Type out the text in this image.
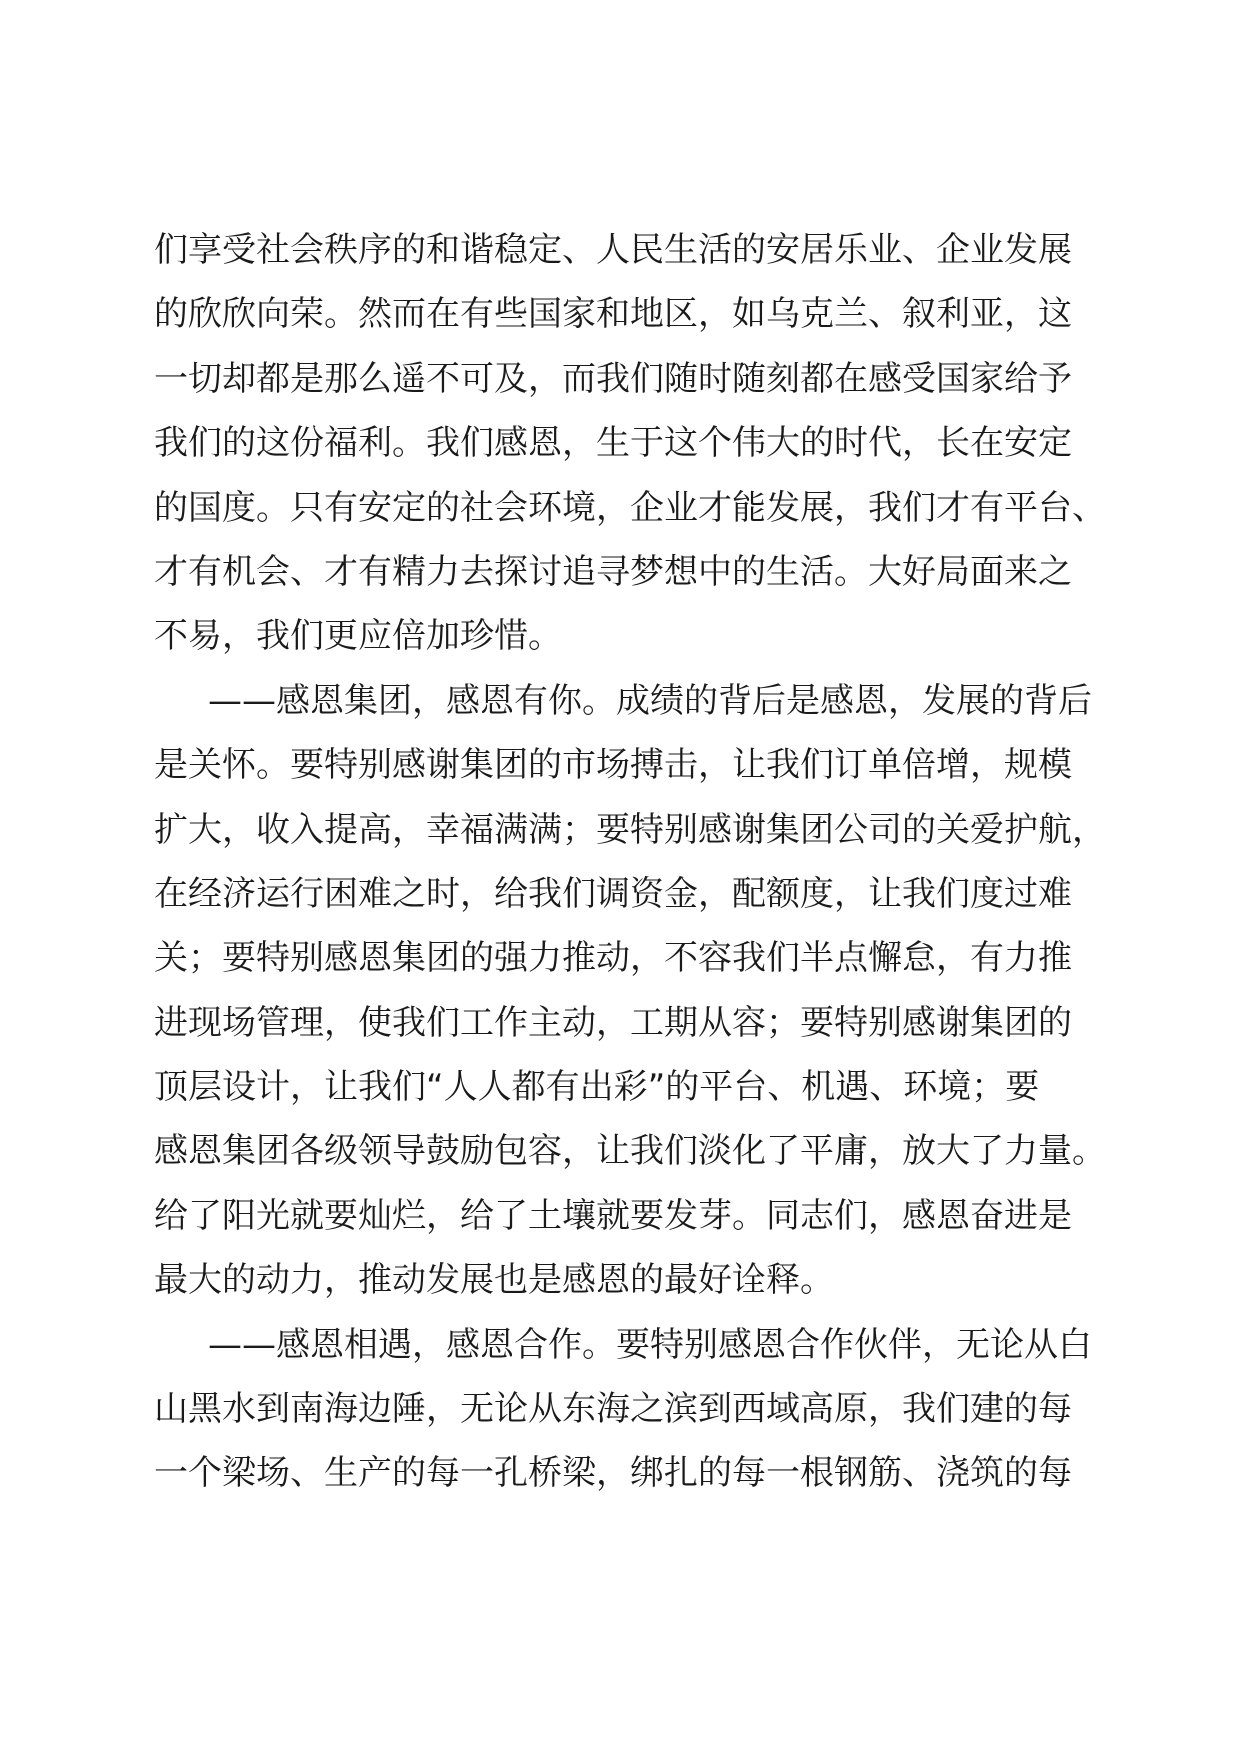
们享受社会秩序的和谐稳定、人民生活的安居乐业、企业发展
的欣欣向荣。然而在有些国家和地区，如乌克兰、叙利亚，这
一切却都是那么遥不可及，而我们随时随刻都在感受国家给予
我们的这份福利。我们感恩，生于这个伟大的时代，长在安定
的国度。只有安定的社会环境，企业才能发展，我们才有平台、
才有机会、才有精力去探讨追寻梦想中的生活。大好局面来之
不易，我们更应倍加珍惜。
——感恩集团，感恩有你。成绩的背后是感恩，发展的背后
是关怀。要特别感谢集团的市场搏击，让我们订单倍增，规模
扩大，收入提高，幸福满满；要特别感谢集团公司的关爱护航，
在经济运行困难之时，给我们调资金，配额度，让我们度过难
关；要特别感恩集团的强力推动，不容我们半点懈怠，有力推
进现场管理，使我们工作主动，工期从容；要特别感谢集团的
顶层设计，让我们“人人都有出彩”的平台、机遇、环境；要
感恩集团各级领导鼓励包容，让我们淡化了平庸，放大了力量。
给了阳光就要灿烂，给了土壤就要发芽。同志们，感恩奋进是
最大的动力，推动发展也是感恩的最好诠释。
——感恩相遇，感恩合作。要特别感恩合作伙伴，无论从白
山黑水到南海边陲，无论从东海之滨到西域高原，我们建的每
一个梁场、生产的每一孔桥梁，绑扎的每一根钢筋、浇筑的每
